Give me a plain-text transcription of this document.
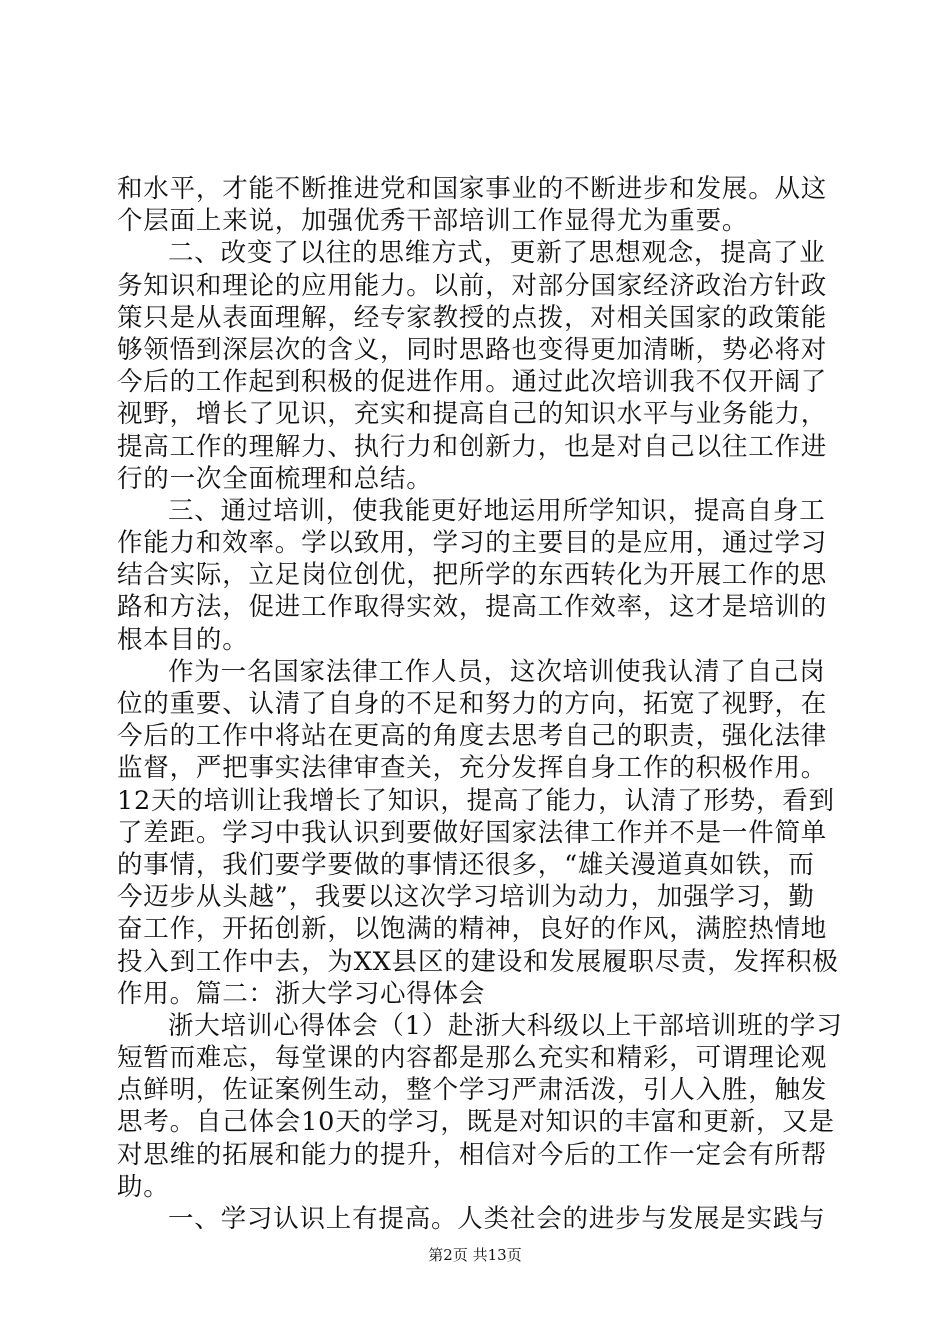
和水平，才能不断推进党和国家事业的不断进步和发展。从这
个层面上来说，加强优秀干部培训工作显得尤为重要。
二、改变了以往的思维方式，更新了思想观念，提高了业
务知识和理论的应用能力。以前，对部分国家经济政治方针政
策只是从表面理解，经专家教授的点拨，对相关国家的政策能
够领悟到深层次的含义，同时思路也变得更加清晰，势必将对
今后的工作起到积极的促进作用。通过此次培训我不仅开阔了
视野，增长了见识，充实和提高自己的知识水平与业务能力，
提高工作的理解力、执行力和创新力，也是对自己以往工作进
行的一次全面梳理和总结。
三、通过培训，使我能更好地运用所学知识，提高自身工
作能力和效率。学以致用，学习的主要目的是应用，通过学习
结合实际，立足岗位创优，把所学的东西转化为开展工作的思
路和方法，促进工作取得实效，提高工作效率，这才是培训的
根本目的。
作为一名国家法律工作人员，这次培训使我认清了自己岗
位的重要、认清了自身的不足和努力的方向，拓宽了视野，在
今后的工作中将站在更高的角度去思考自己的职责，强化法律
监督，严把事实法律审查关，充分发挥自身工作的积极作用。
12天的培训让我增长了知识，提高了能力，认清了形势，看到
了差距。学习中我认识到要做好国家法律工作并不是一件简单
的事情，我们要学要做的事情还很多，“雄关漫道真如铁，而
今迈步从头越”，我要以这次学习培训为动力，加强学习，勤
奋工作，开拓创新，以饱满的精神，良好的作风，满腔热情地
投入到工作中去，为XX县区的建设和发展履职尽责，发挥积极
作用。篇二：浙大学习心得体会
浙大培训心得体会（1）赴浙大科级以上干部培训班的学习
短暂而难忘，每堂课的内容都是那么充实和精彩，可谓理论观
点鲜明，佐证案例生动，整个学习严肃活泼，引人入胜，触发
思考。自己体会10天的学习，既是对知识的丰富和更新，又是
对思维的拓展和能力的提升，相信对今后的工作一定会有所帮
助。
一、学习认识上有提高。人类社会的进步与发展是实践与
第2页 共13页
